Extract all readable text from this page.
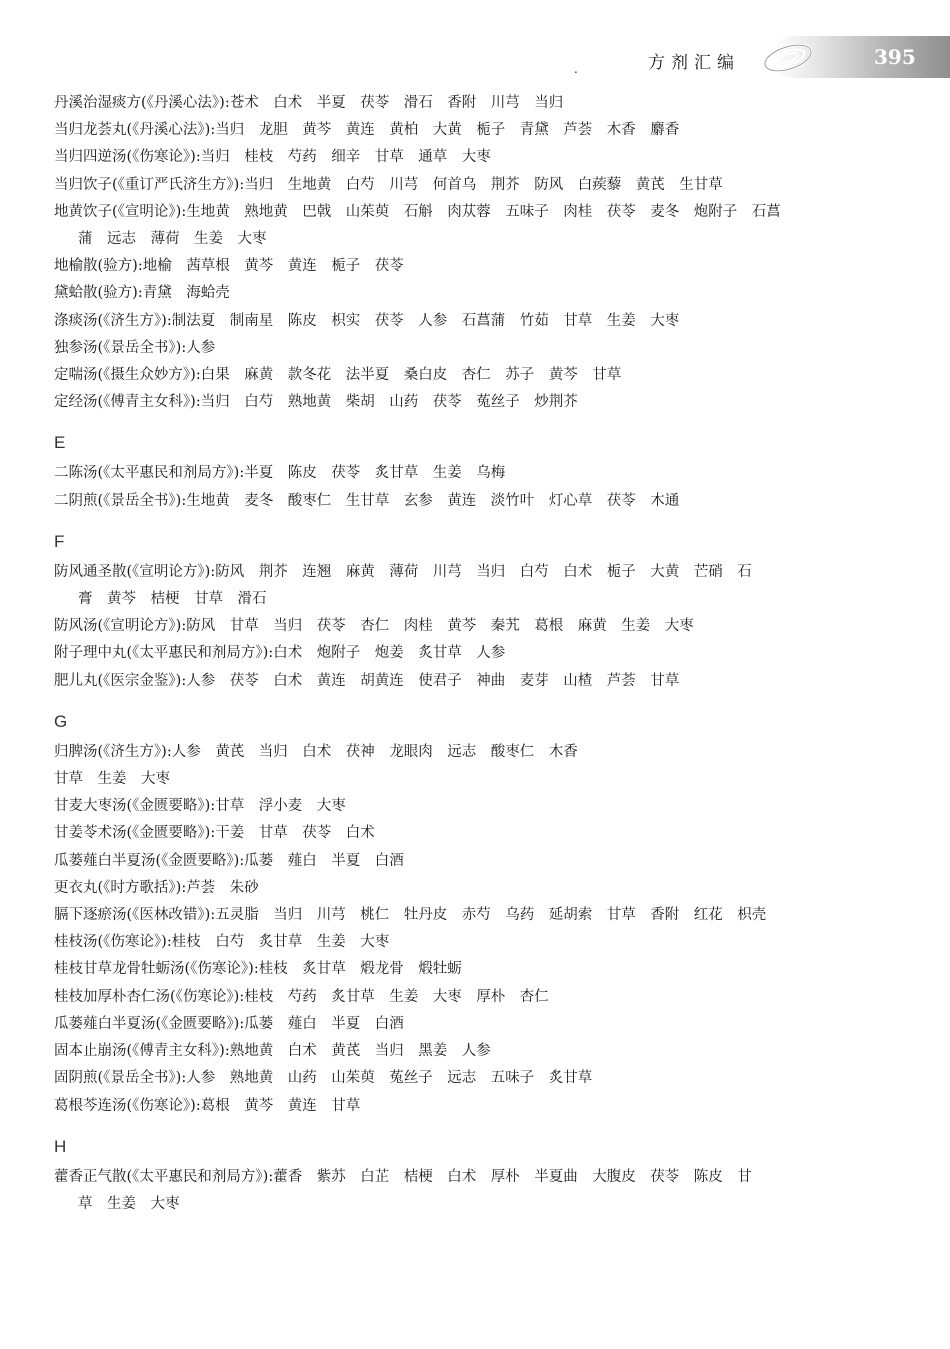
.	方剂汇编	395
丹溪治湿痰方(《丹溪心法》):苍术　白术　半夏　茯苓　滑石　香附　川芎　当归
当归龙荟丸(《丹溪心法》):当归　龙胆　黄芩　黄连　黄柏　大黄　栀子　青黛　芦荟　木香　麝香
当归四逆汤(《伤寒论》):当归　桂枝　芍药　细辛　甘草　通草　大枣
当归饮子(《重订严氏济生方》):当归　生地黄　白芍　川芎　何首乌　荆芥　防风　白蒺藜　黄芪　生甘草
地黄饮子(《宣明论》):生地黄　熟地黄　巴戟　山茱萸　石斛　肉苁蓉　五味子　肉桂　茯苓　麦冬　炮附子　石菖
蒲　远志　薄荷　生姜　大枣
地榆散(验方):地榆　茜草根　黄芩　黄连　栀子　茯苓
黛蛤散(验方):青黛　海蛤壳
涤痰汤(《济生方》):制法夏　制南星　陈皮　枳实　茯苓　人参　石菖蒲　竹茹　甘草　生姜　大枣
独参汤(《景岳全书》):人参
定喘汤(《摄生众妙方》):白果　麻黄　款冬花　法半夏　桑白皮　杏仁　苏子　黄芩　甘草
定经汤(《傅青主女科》):当归　白芍　熟地黄　柴胡　山药　茯苓　菟丝子　炒荆芥
E
二陈汤(《太平惠民和剂局方》):半夏　陈皮　茯苓　炙甘草　生姜　乌梅
二阴煎(《景岳全书》):生地黄　麦冬　酸枣仁　生甘草　玄参　黄连　淡竹叶　灯心草　茯苓　木通
F
防风通圣散(《宣明论方》):防风　荆芥　连翘　麻黄　薄荷　川芎　当归　白芍　白术　栀子　大黄　芒硝　石
膏　黄芩　桔梗　甘草　滑石
防风汤(《宣明论方》):防风　甘草　当归　茯苓　杏仁　肉桂　黄芩　秦艽　葛根　麻黄　生姜　大枣
附子理中丸(《太平惠民和剂局方》):白术　炮附子　炮姜　炙甘草　人参
肥儿丸(《医宗金鉴》):人参　茯苓　白术　黄连　胡黄连　使君子　神曲　麦芽　山楂　芦荟　甘草
G
归脾汤(《济生方》):人参　黄芪　当归　白术　茯神　龙眼肉　远志　酸枣仁　木香
甘草　生姜　大枣
甘麦大枣汤(《金匮要略》):甘草　浮小麦　大枣
甘姜苓术汤(《金匮要略》):干姜　甘草　茯苓　白术
瓜蒌薤白半夏汤(《金匮要略》):瓜蒌　薤白　半夏　白酒
更衣丸(《时方歌括》):芦荟　朱砂
膈下逐瘀汤(《医林改错》):五灵脂　当归　川芎　桃仁　牡丹皮　赤芍　乌药　延胡索　甘草　香附　红花　枳壳
桂枝汤(《伤寒论》):桂枝　白芍　炙甘草　生姜　大枣
桂枝甘草龙骨牡蛎汤(《伤寒论》):桂枝　炙甘草　煅龙骨　煅牡蛎
桂枝加厚朴杏仁汤(《伤寒论》):桂枝　芍药　炙甘草　生姜　大枣　厚朴　杏仁
瓜蒌薤白半夏汤(《金匮要略》):瓜蒌　薤白　半夏　白酒
固本止崩汤(《傅青主女科》):熟地黄　白术　黄芪　当归　黑姜　人参
固阴煎(《景岳全书》):人参　熟地黄　山药　山茱萸　菟丝子　远志　五味子　炙甘草
葛根芩连汤(《伤寒论》):葛根　黄芩　黄连　甘草
H
藿香正气散(《太平惠民和剂局方》):藿香　紫苏　白芷　桔梗　白术　厚朴　半夏曲　大腹皮　茯苓　陈皮　甘
草　生姜　大枣
